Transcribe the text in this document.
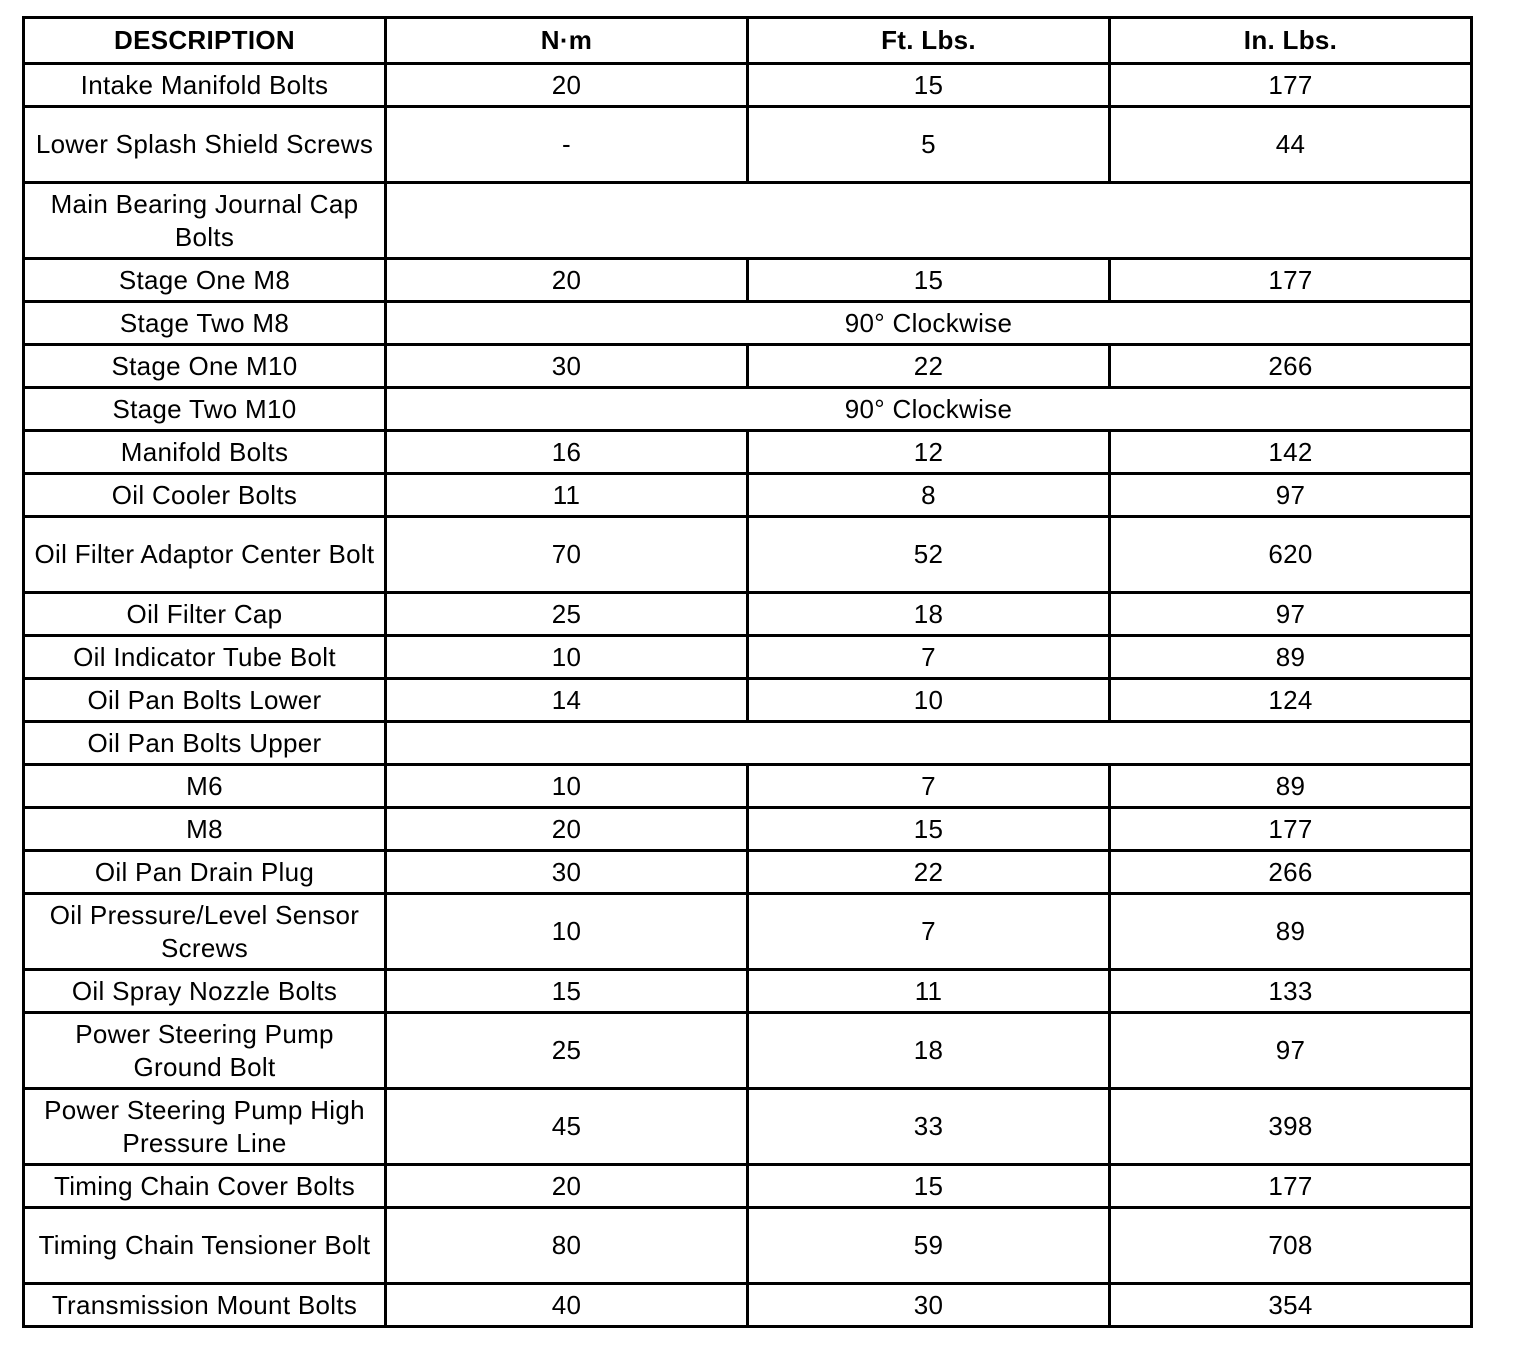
DESCRIPTION	N·m	Ft. Lbs.	In. Lbs.
Intake Manifold Bolts	20	15	177
Lower Splash Shield Screws	-	5	44
Main Bearing Journal Cap Bolts			
Stage One M8	20	15	177
Stage Two M8	90° Clockwise		
Stage One M10	30	22	266
Stage Two M10	90° Clockwise		
Manifold Bolts	16	12	142
Oil Cooler Bolts	11	8	97
Oil Filter Adaptor Center Bolt	70	52	620
Oil Filter Cap	25	18	97
Oil Indicator Tube Bolt	10	7	89
Oil Pan Bolts Lower	14	10	124
Oil Pan Bolts Upper			
M6	10	7	89
M8	20	15	177
Oil Pan Drain Plug	30	22	266
Oil Pressure/Level Sensor Screws	10	7	89
Oil Spray Nozzle Bolts	15	11	133
Power Steering Pump Ground Bolt	25	18	97
Power Steering Pump High Pressure Line	45	33	398
Timing Chain Cover Bolts	20	15	177
Timing Chain Tensioner Bolt	80	59	708
Transmission Mount Bolts	40	30	354
